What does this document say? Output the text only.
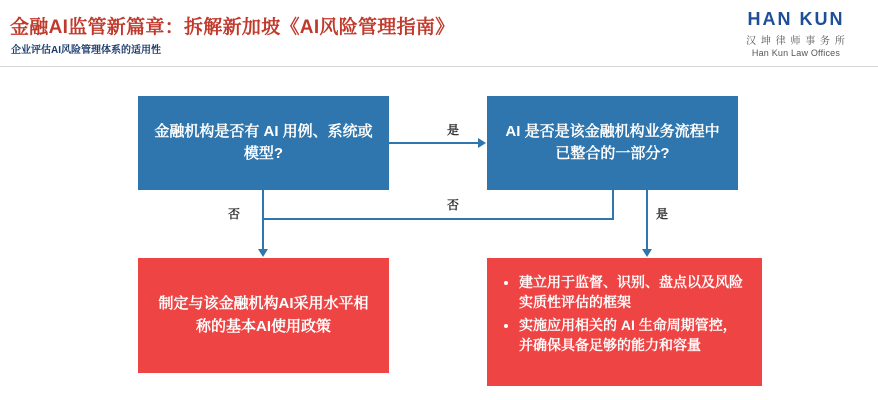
金融AI监管新篇章：拆解新加坡《AI风险管理指南》
企业评估AI风险管理体系的适用性
HAN KUN
汉 坤 律 师 事 务 所
Han Kun Law Offices
金融机构是否有 AI 用例、系统或模型?
AI 是否是该金融机构业务流程中已整合的一部分?
制定与该金融机构AI采用水平相称的基本AI使用政策
• 建立用于监督、识别、盘点以及风险实质性评估的框架
• 实施应用相关的 AI 生命周期管控，并确保具备足够的能力和容量
是
否
否
是
